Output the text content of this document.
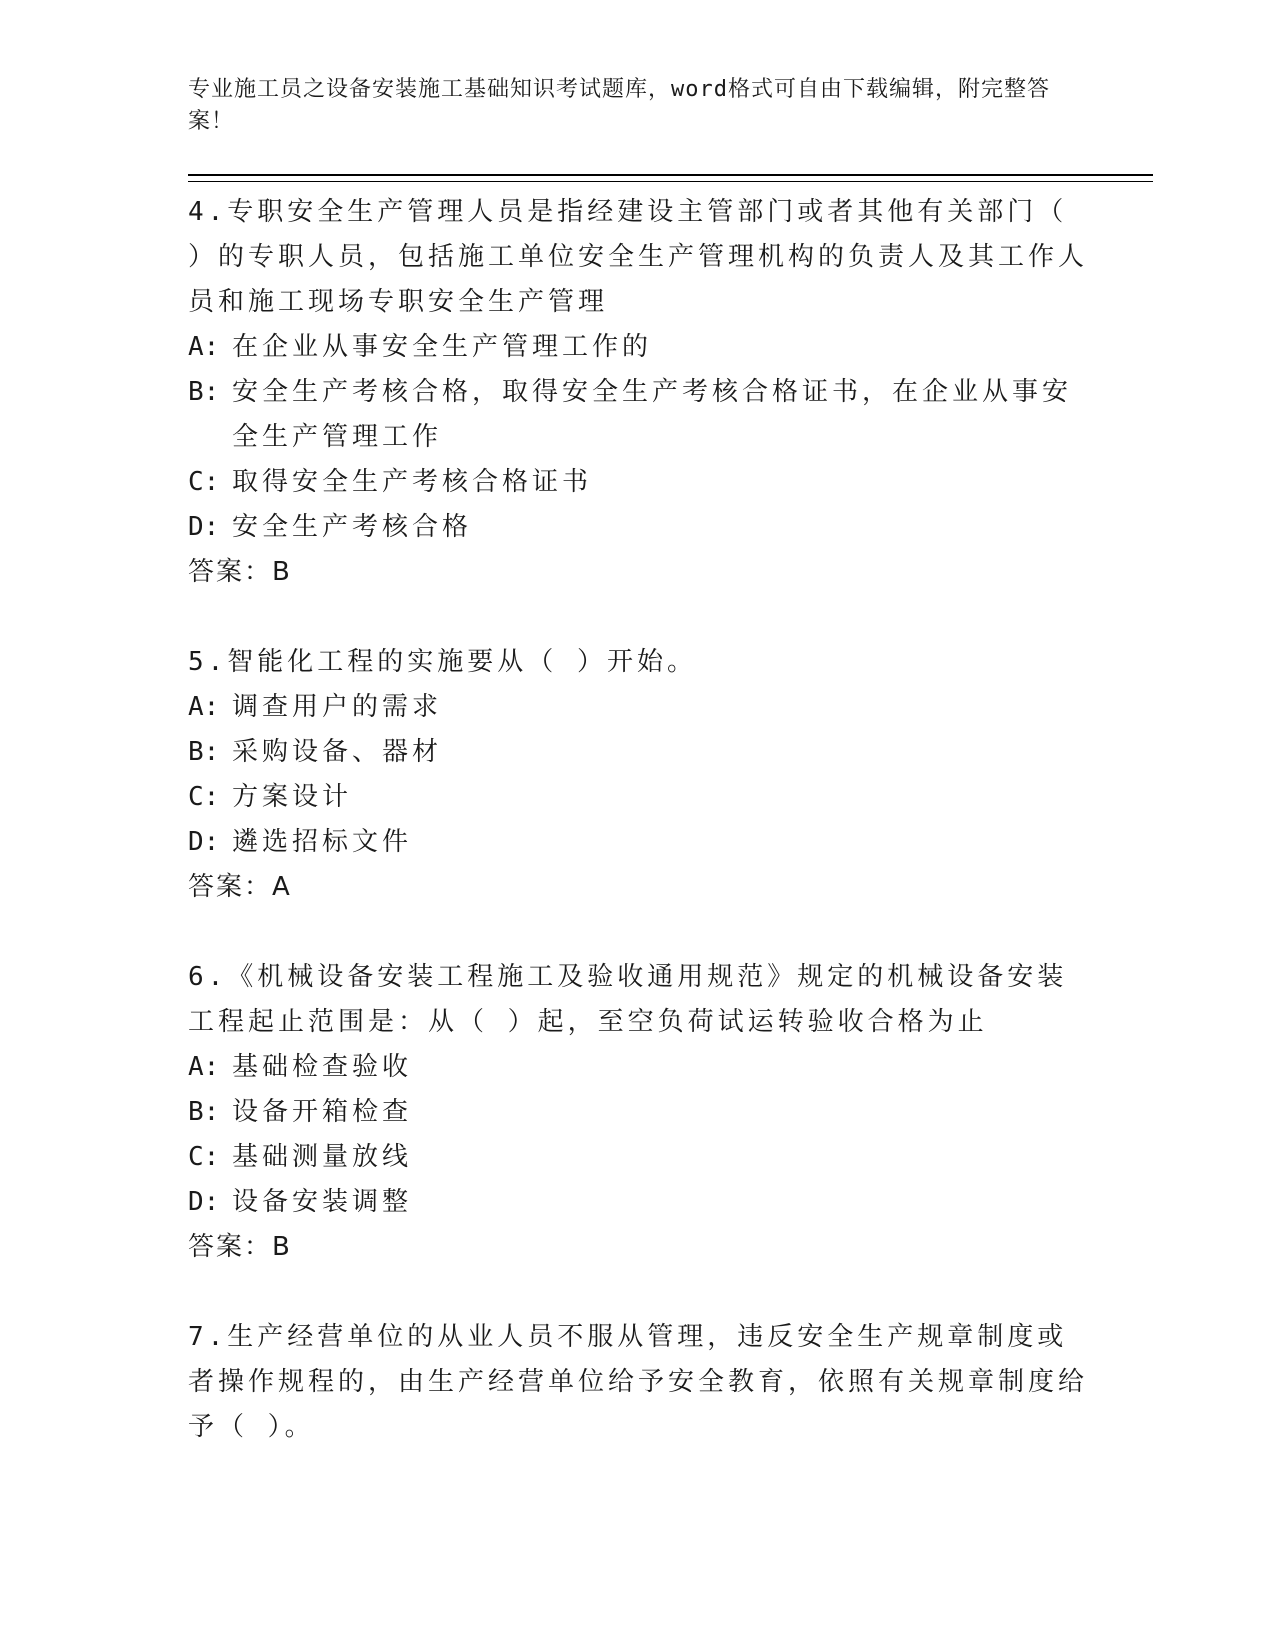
专业施工员之设备安装施工基础知识考试题库，word格式可自由下载编辑，附完整答案！

4.专职安全生产管理人员是指经建设主管部门或者其他有关部门（ ）的专职人员，包括施工单位安全生产管理机构的负责人及其工作人员和施工现场专职安全生产管理

A: 在企业从事安全生产管理工作的
B: 安全生产考核合格，取得安全生产考核合格证书，在企业从事安全生产管理工作
C: 取得安全生产考核合格证书
D: 安全生产考核合格

答案：B

5.智能化工程的实施要从（ ）开始。

A: 调查用户的需求
B: 采购设备、器材
C: 方案设计
D: 遴选招标文件

答案：A

6.《机械设备安装工程施工及验收通用规范》规定的机械设备安装工程起止范围是：从（ ）起，至空负荷试运转验收合格为止

A: 基础检查验收
B: 设备开箱检查
C: 基础测量放线
D: 设备安装调整

答案：B

7.生产经营单位的从业人员不服从管理，违反安全生产规章制度或者操作规程的，由生产经营单位给予安全教育，依照有关规章制度给予（ ）。
